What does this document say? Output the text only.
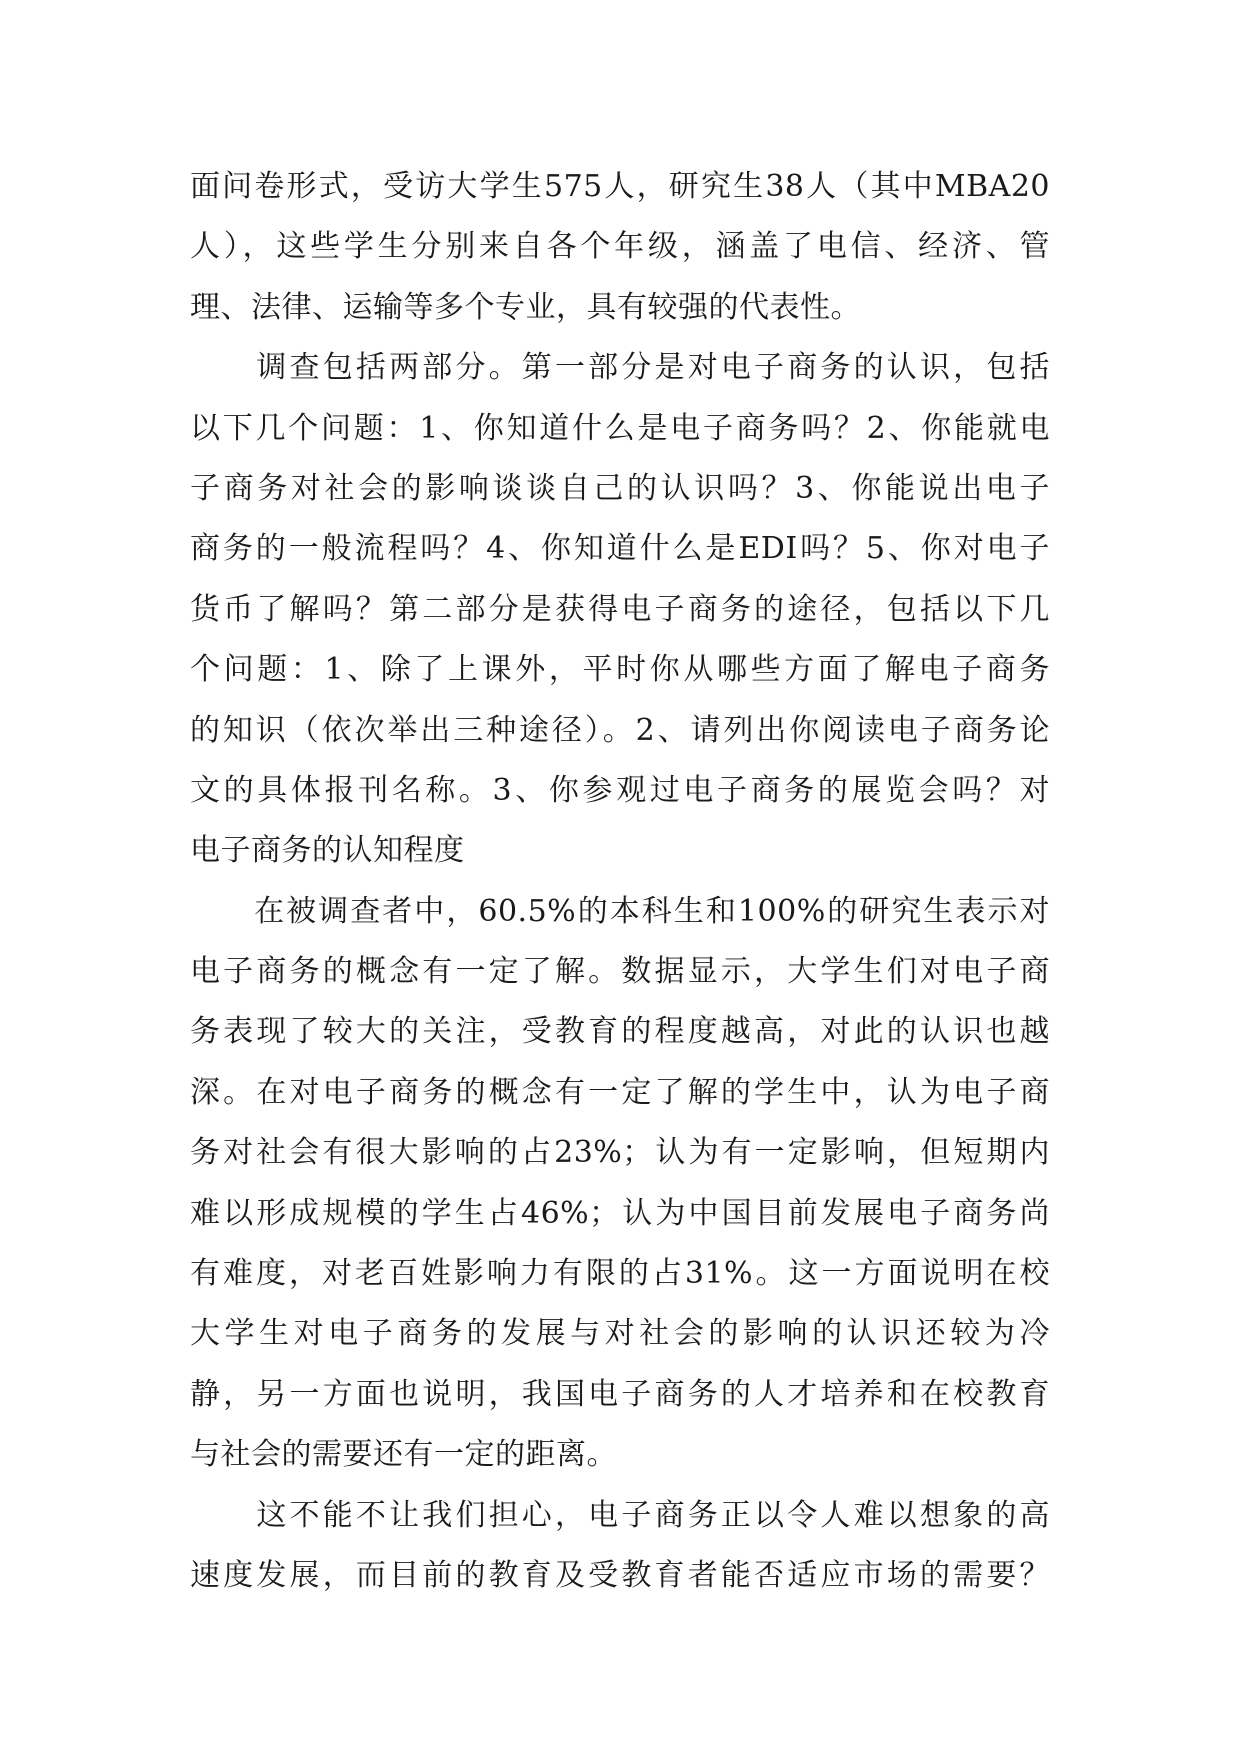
面问卷形式，受访大学生575人，研究生38人（其中MBA20
人），这些学生分别来自各个年级，涵盖了电信、经济、管
理、法律、运输等多个专业，具有较强的代表性。
　　调查包括两部分。第一部分是对电子商务的认识，包括
以下几个问题：1、你知道什么是电子商务吗？2、你能就电
子商务对社会的影响谈谈自己的认识吗？3、你能说出电子
商务的一般流程吗？4、你知道什么是EDI吗？5、你对电子
货币了解吗？第二部分是获得电子商务的途径，包括以下几
个问题：1、除了上课外，平时你从哪些方面了解电子商务
的知识（依次举出三种途径）。2、请列出你阅读电子商务论
文的具体报刊名称。3、你参观过电子商务的展览会吗？对
电子商务的认知程度
　　在被调查者中，60.5%的本科生和100%的研究生表示对
电子商务的概念有一定了解。数据显示，大学生们对电子商
务表现了较大的关注，受教育的程度越高，对此的认识也越
深。在对电子商务的概念有一定了解的学生中，认为电子商
务对社会有很大影响的占23%；认为有一定影响，但短期内
难以形成规模的学生占46%；认为中国目前发展电子商务尚
有难度，对老百姓影响力有限的占31%。这一方面说明在校
大学生对电子商务的发展与对社会的影响的认识还较为冷
静，另一方面也说明，我国电子商务的人才培养和在校教育
与社会的需要还有一定的距离。
　　这不能不让我们担心，电子商务正以令人难以想象的高
速度发展，而目前的教育及受教育者能否适应市场的需要？
